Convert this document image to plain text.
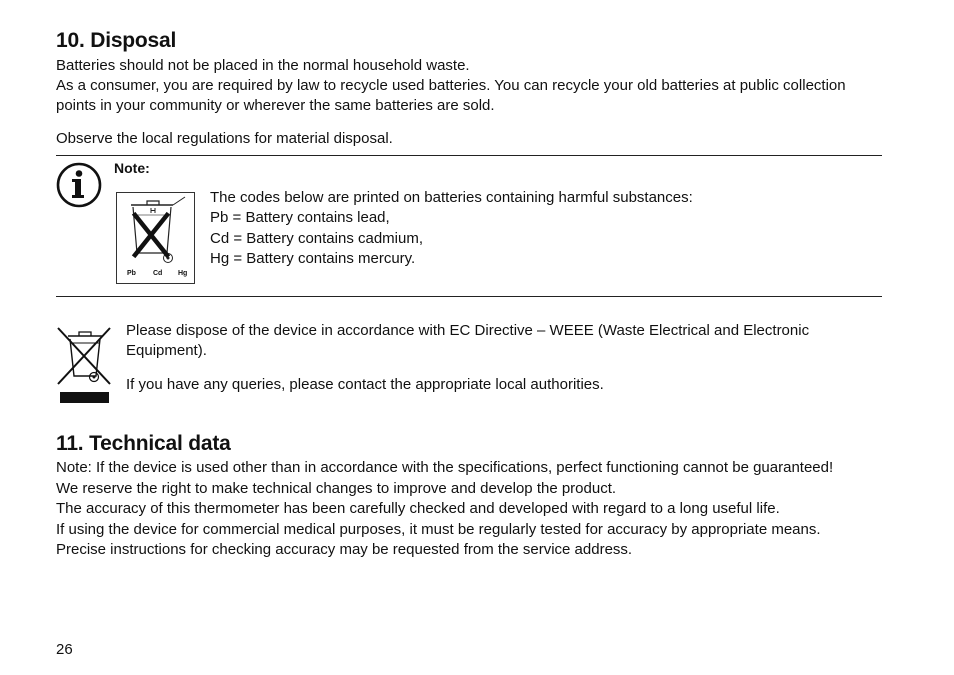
10. Disposal
Batteries should not be placed in the normal household waste.
As a consumer, you are required by law to recycle used batteries. You can recycle your old batteries at public collection
points in your community or wherever the same batteries are sold.
Observe the local regulations for material disposal.
Note:
Pb Cd Hg
The codes below are printed on batteries containing harmful substances:
Pb = Battery contains lead,
Cd = Battery contains cadmium,
Hg = Battery contains mercury.
Please dispose of the device in accordance with EC Directive – WEEE (Waste Electrical and Electronic
Equipment).
If you have any queries, please contact the appropriate local authorities.
11. Technical data
Note: If the device is used other than in accordance with the specifications, perfect functioning cannot be guaranteed!
We reserve the right to make technical changes to improve and develop the product.
The accuracy of this thermometer has been carefully checked and developed with regard to a long useful life.
If using the device for commercial medical purposes, it must be regularly tested for accuracy by appropriate means.
Precise instructions for checking accuracy may be requested from the service address.
26
